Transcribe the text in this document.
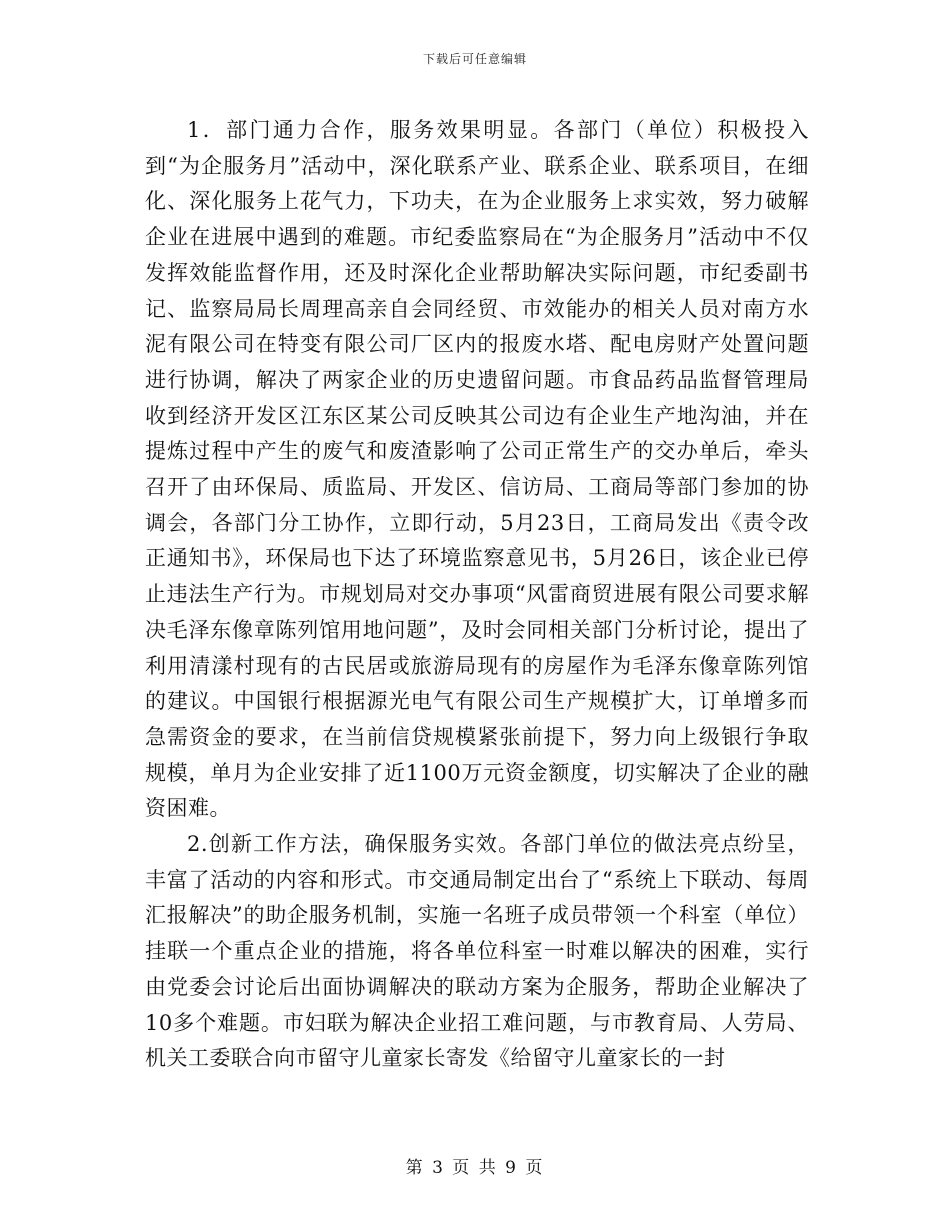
下载后可任意编辑

1．部门通力合作，服务效果明显。各部门（单位）积极投入到“为企服务月”活动中，深化联系产业、联系企业、联系项目，在细化、深化服务上花气力，下功夫，在为企业服务上求实效，努力破解企业在进展中遇到的难题。市纪委监察局在“为企服务月”活动中不仅发挥效能监督作用，还及时深化企业帮助解决实际问题，市纪委副书记、监察局局长周理高亲自会同经贸、市效能办的相关人员对南方水泥有限公司在特变有限公司厂区内的报废水塔、配电房财产处置问题进行协调，解决了两家企业的历史遗留问题。市食品药品监督管理局收到经济开发区江东区某公司反映其公司边有企业生产地沟油，并在提炼过程中产生的废气和废渣影响了公司正常生产的交办单后，牵头召开了由环保局、质监局、开发区、信访局、工商局等部门参加的协调会，各部门分工协作，立即行动，5月23日，工商局发出《责令改正通知书》，环保局也下达了环境监察意见书，5月26日，该企业已停止违法生产行为。市规划局对交办事项“风雷商贸进展有限公司要求解决毛泽东像章陈列馆用地问题”，及时会同相关部门分析讨论，提出了利用清漾村现有的古民居或旅游局现有的房屋作为毛泽东像章陈列馆的建议。中国银行根据源光电气有限公司生产规模扩大，订单增多而急需资金的要求，在当前信贷规模紧张前提下，努力向上级银行争取规模，单月为企业安排了近1100万元资金额度，切实解决了企业的融资困难。

2.创新工作方法，确保服务实效。各部门单位的做法亮点纷呈，丰富了活动的内容和形式。市交通局制定出台了“系统上下联动、每周汇报解决”的助企服务机制，实施一名班子成员带领一个科室（单位）挂联一个重点企业的措施，将各单位科室一时难以解决的困难，实行由党委会讨论后出面协调解决的联动方案为企服务，帮助企业解决了10多个难题。市妇联为解决企业招工难问题，与市教育局、人劳局、机关工委联合向市留守儿童家长寄发《给留守儿童家长的一封

第 3 页 共 9 页
